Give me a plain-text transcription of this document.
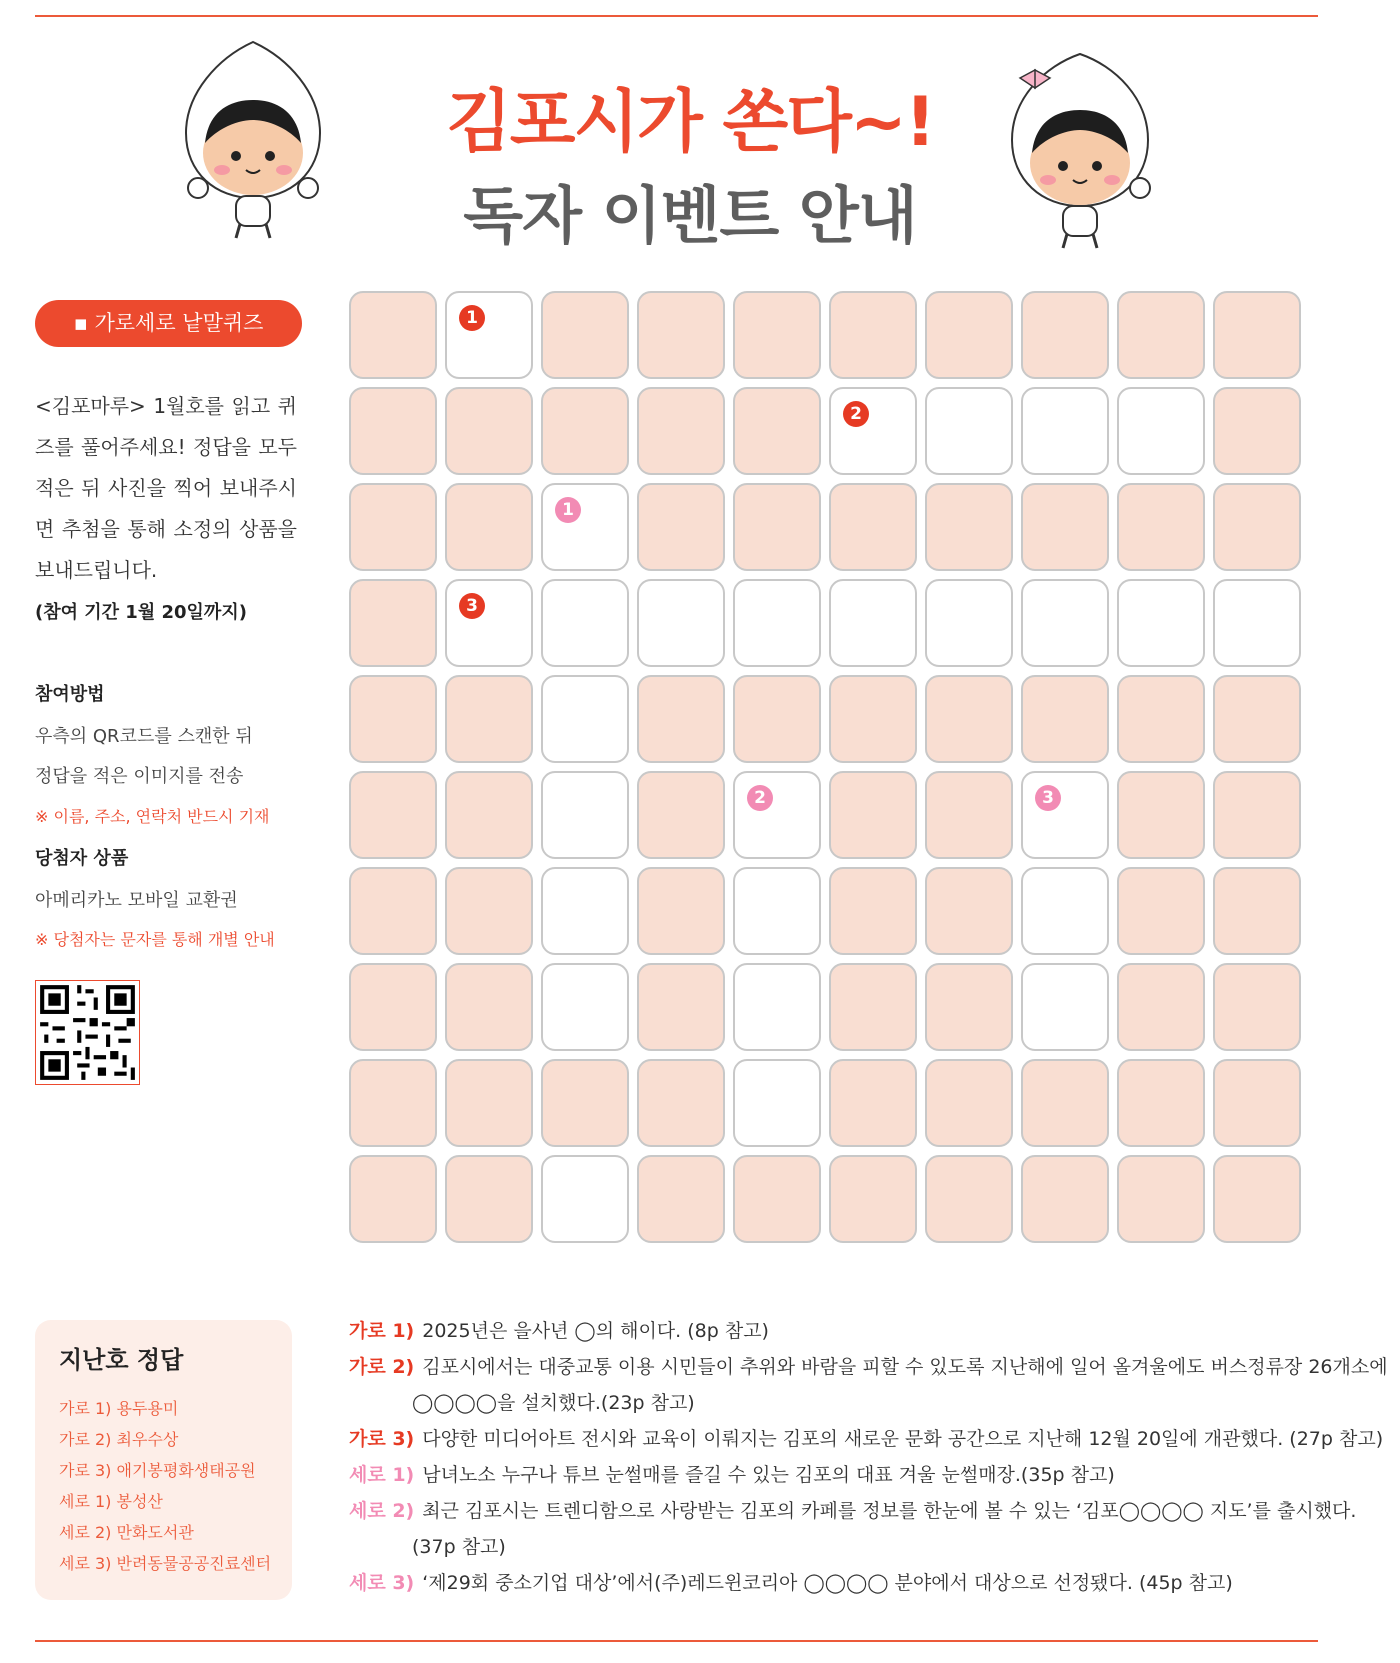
김포시가 쏜다~!
독자 이벤트 안내
▪ 가로세로 낱말퀴즈
<김포마루> 1월호를 읽고 퀴즈를 풀어주세요! 정답을 모두 적은 뒤 사진을 찍어 보내주시면 추첨을 통해 소정의 상품을 보내드립니다.
(참여 기간 1월 20일까지)
참여방법
우측의 QR코드를 스캔한 뒤
정답을 적은 이미지를 전송
※ 이름, 주소, 연락처 반드시 기재
당첨자 상품
아메리카노 모바일 교환권
※ 당첨자는 문자를 통해 개별 안내
1
2
1
3
2	3
지난호 정답
가로 1) 용두용미
가로 2) 최우수상
가로 3) 애기봉평화생태공원
세로 1) 봉성산
세로 2) 만화도서관
세로 3) 반려동물공공진료센터
가로 1) 2025년은 을사년 ◯의 해이다. (8p 참고)
가로 2) 김포시에서는 대중교통 이용 시민들이 추위와 바람을 피할 수 있도록 지난해에 일어 올겨울에도 버스정류장 26개소에
◯◯◯◯을 설치했다.(23p 참고)
가로 3) 다양한 미디어아트 전시와 교육이 이뤄지는 김포의 새로운 문화 공간으로 지난해 12월 20일에 개관했다. (27p 참고)
세로 1) 남녀노소 누구나 튜브 눈썰매를 즐길 수 있는 김포의 대표 겨울 눈썰매장.(35p 참고)
세로 2) 최근 김포시는 트렌디함으로 사랑받는 김포의 카페를 정보를 한눈에 볼 수 있는 ‘김포◯◯◯◯ 지도’를 출시했다.
(37p 참고)
세로 3) ‘제29회 중소기업 대상’에서(주)레드윈코리아 ◯◯◯◯ 분야에서 대상으로 선정됐다. (45p 참고)
